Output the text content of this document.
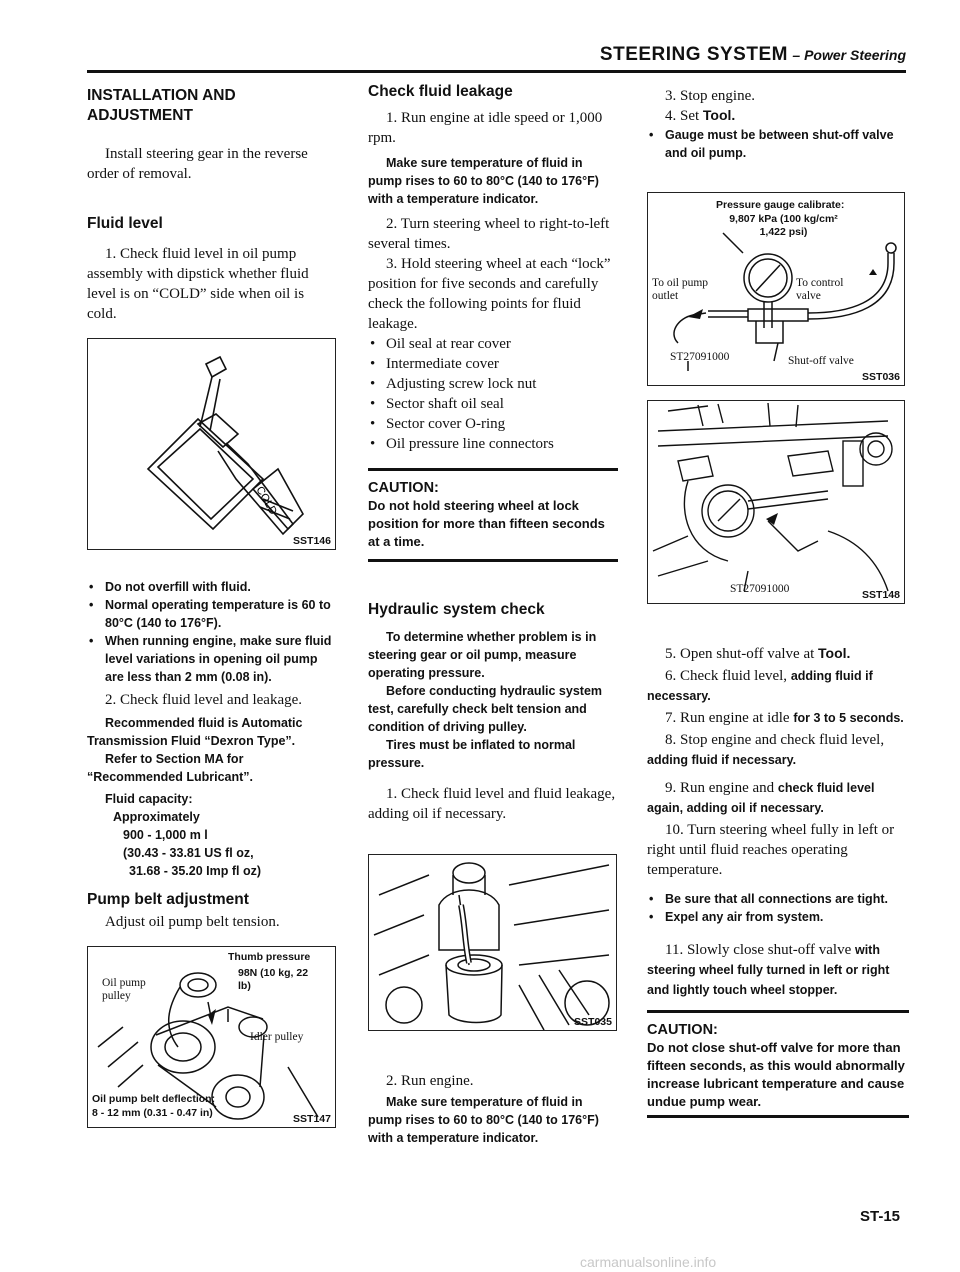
STEERING SYSTEM – Power Steering
INSTALLATION AND ADJUSTMENT

Install steering gear in the reverse order of removal.

Fluid level

1. Check fluid level in oil pump assembly with dipstick whether fluid level is on “COLD” side when oil is cold.

COLD
SST146
• Do not overfill with fluid.
• Normal operating temperature is 60 to 80°C (140 to 176°F).
• When running engine, make sure fluid level variations in opening oil pump are less than 2 mm (0.08 in).

2. Check fluid level and leakage.

Recommended fluid is Automatic Transmission Fluid “Dexron Type”.

Refer to Section MA for “Recommended Lubricant”.

Fluid capacity:

Approximately

900 - 1,000 m l

(30.43 - 33.81 US fl oz,

31.68 - 35.20 Imp fl oz)

Pump belt adjustment

Adjust oil pump belt tension.

Thumb pressure
98N (10 kg, 22 lb)
Oil pump pulley
Idler pulley
Oil pump belt deflection:
8 - 12 mm (0.31 - 0.47 in)	SST147
Check fluid leakage

1. Run engine at idle speed or 1,000 rpm.

Make sure temperature of fluid in pump rises to 60 to 80°C (140 to 176°F) with a temperature indicator.

2. Turn steering wheel to right-to-left several times.

3. Hold steering wheel at each “lock” position for five seconds and carefully check the following points for fluid leakage.

• Oil seal at rear cover
• Intermediate cover
• Adjusting screw lock nut
• Sector shaft oil seal
• Sector cover O-ring
• Oil pressure line connectors
CAUTION:

Do not hold steering wheel at lock position for more than fifteen seconds at a time.

Hydraulic system check

To determine whether problem is in steering gear or oil pump, measure operating pressure.

Before conducting hydraulic system test, carefully check belt tension and condition of driving pulley.

Tires must be inflated to normal pressure.

1. Check fluid level and fluid leakage, adding oil if necessary.

SST035

2. Run engine.

Make sure temperature of fluid in pump rises to 60 to 80°C (140 to 176°F) with a temperature indicator.

3. Stop engine.

4. Set Tool.

• Gauge must be between shut-off valve and oil pump.
Pressure gauge calibrate:
9,807 kPa (100 kg/cm² 1,422 psi)
To oil pump outlet
To control valve
ST27091000	Shut-off valve
SST036
ST27091000	SST148

5. Open shut-off valve at Tool.

6. Check fluid level, adding fluid if necessary.

7. Run engine at idle for 3 to 5 seconds.

8. Stop engine and check fluid level, adding fluid if necessary.

9. Run engine and check fluid level again, adding oil if necessary.

10. Turn steering wheel fully in left or right until fluid reaches operating temperature.

• Be sure that all connections are tight.
• Expel any air from system.

11. Slowly close shut-off valve with steering wheel fully turned in left or right and lightly touch wheel stopper.

CAUTION:

Do not close shut-off valve for more than fifteen seconds, as this would abnormally increase lubricant temperature and cause undue pump wear.

ST-15
carmanualsonline.info
